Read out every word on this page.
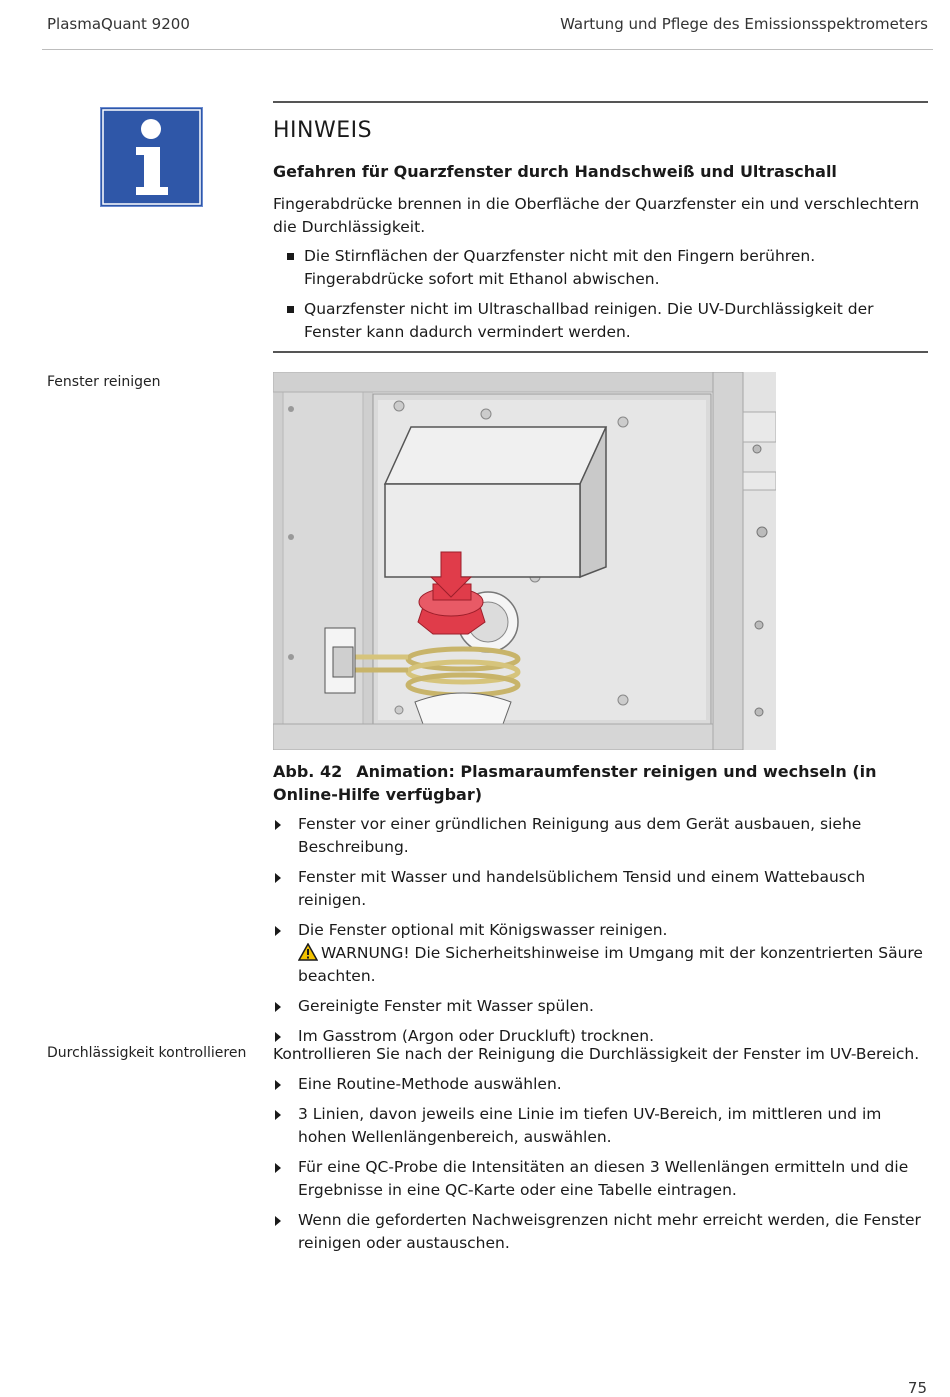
PlasmaQuant 9200	Wartung und Pflege des Emissionsspektrometers
HINWEIS
Gefahren für Quarzfenster durch Handschweiß und Ultraschall
Fingerabdrücke brennen in die Oberfläche der Quarzfenster ein und verschlechtern die Durchlässigkeit.
Die Stirnflächen der Quarzfenster nicht mit den Fingern berühren. Fingerabdrücke sofort mit Ethanol abwischen.
Quarzfenster nicht im Ultraschallbad reinigen. Die UV-Durchlässigkeit der Fenster kann dadurch vermindert werden.
Fenster reinigen
Abb. 42 Animation: Plasmaraumfenster reinigen und wechseln (in Online-Hilfe verfügbar)
Fenster vor einer gründlichen Reinigung aus dem Gerät ausbauen, siehe Beschreibung.
Fenster mit Wasser und handelsüblichem Tensid und einem Wattebausch reinigen.
Die Fenster optional mit Königswasser reinigen.
WARNUNG! Die Sicherheitshinweise im Umgang mit der konzentrierten Säure beachten.
Gereinigte Fenster mit Wasser spülen.
Im Gasstrom (Argon oder Druckluft) trocknen.
Durchlässigkeit kontrollieren Kontrollieren Sie nach der Reinigung die Durchlässigkeit der Fenster im UV-Bereich.
Eine Routine-Methode auswählen.
3 Linien, davon jeweils eine Linie im tiefen UV-Bereich, im mittleren und im hohen Wellenlängenbereich, auswählen.
Für eine QC-Probe die Intensitäten an diesen 3 Wellenlängen ermitteln und die Ergebnisse in eine QC-Karte oder eine Tabelle eintragen.
Wenn die geforderten Nachweisgrenzen nicht mehr erreicht werden, die Fenster reinigen oder austauschen.
75
